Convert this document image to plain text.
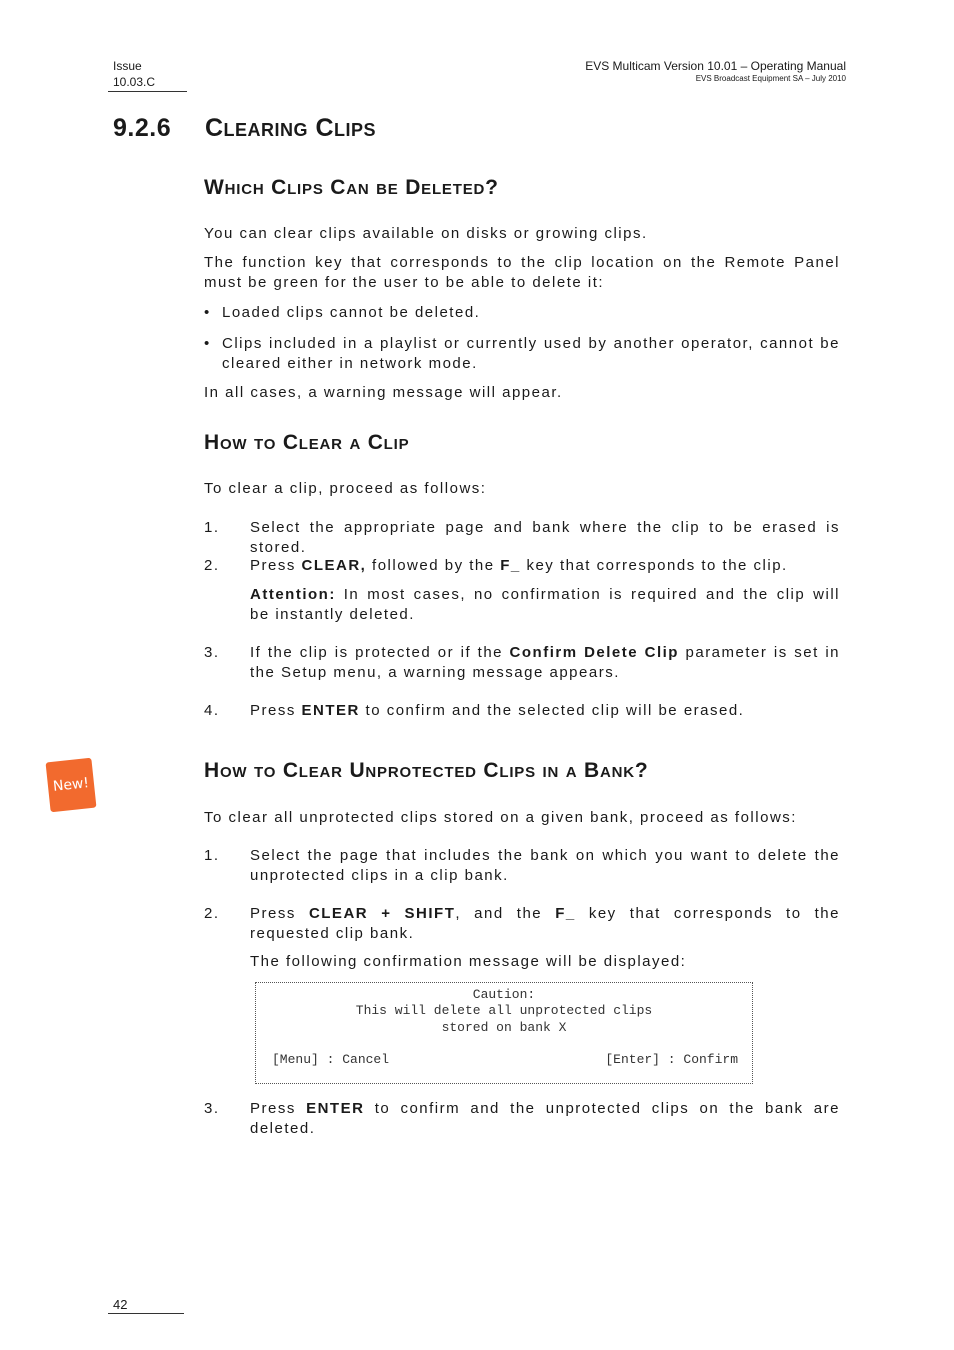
Issue
10.03.C
EVS Multicam Version 10.01 – Operating Manual
EVS Broadcast Equipment SA – July 2010
9.2.6 Clearing Clips
Which Clips Can be Deleted?
You can clear clips available on disks or growing clips.
The function key that corresponds to the clip location on the Remote Panel must be green for the user to be able to delete it:
• Loaded clips cannot be deleted.
• Clips included in a playlist or currently used by another operator, cannot be cleared either in network mode.
In all cases, a warning message will appear.
How to Clear a Clip
To clear a clip, proceed as follows:
1. Select the appropriate page and bank where the clip to be erased is stored.
2. Press CLEAR, followed by the F_ key that corresponds to the clip.
Attention: In most cases, no confirmation is required and the clip will be instantly deleted.
3. If the clip is protected or if the Confirm Delete Clip parameter is set in the Setup menu, a warning message appears.
4. Press ENTER to confirm and the selected clip will be erased.
New!
How to Clear Unprotected Clips in a Bank?
To clear all unprotected clips stored on a given bank, proceed as follows:
1. Select the page that includes the bank on which you want to delete the unprotected clips in a clip bank.
2. Press CLEAR + SHIFT, and the F_ key that corresponds to the requested clip bank.
The following confirmation message will be displayed:
Caution:
This will delete all unprotected clips
stored on bank X
[Menu] : Cancel	[Enter] : Confirm
3. Press ENTER to confirm and the unprotected clips on the bank are deleted.
42
